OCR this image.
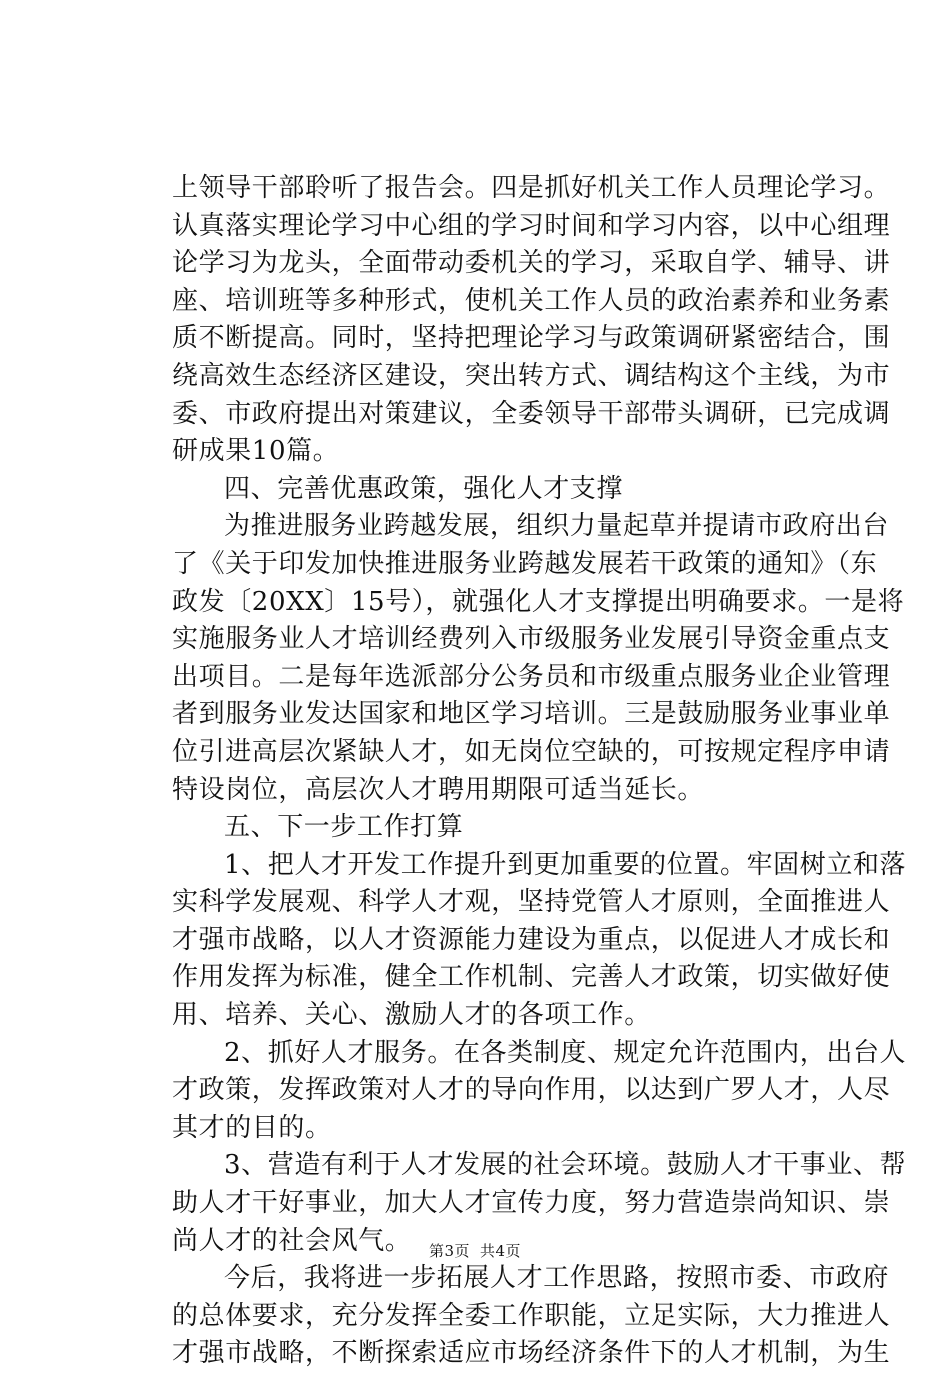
上领导干部聆听了报告会。四是抓好机关工作人员理论学习。
认真落实理论学习中心组的学习时间和学习内容，以中心组理
论学习为龙头，全面带动委机关的学习，采取自学、辅导、讲
座、培训班等多种形式，使机关工作人员的政治素养和业务素
质不断提高。同时，坚持把理论学习与政策调研紧密结合，围
绕高效生态经济区建设，突出转方式、调结构这个主线，为市
委、市政府提出对策建议，全委领导干部带头调研，已完成调
研成果10篇。
四、完善优惠政策，强化人才支撑
为推进服务业跨越发展，组织力量起草并提请市政府出台
了《关于印发加快推进服务业跨越发展若干政策的通知》（东
政发〔20XX〕15号），就强化人才支撑提出明确要求。一是将
实施服务业人才培训经费列入市级服务业发展引导资金重点支
出项目。二是每年选派部分公务员和市级重点服务业企业管理
者到服务业发达国家和地区学习培训。三是鼓励服务业事业单
位引进高层次紧缺人才，如无岗位空缺的，可按规定程序申请
特设岗位，高层次人才聘用期限可适当延长。
五、下一步工作打算
1、把人才开发工作提升到更加重要的位置。牢固树立和落
实科学发展观、科学人才观，坚持党管人才原则，全面推进人
才强市战略，以人才资源能力建设为重点，以促进人才成长和
作用发挥为标准，健全工作机制、完善人才政策，切实做好使
用、培养、关心、激励人才的各项工作。
2、抓好人才服务。在各类制度、规定允许范围内，出台人
才政策，发挥政策对人才的导向作用，以达到广罗人才，人尽
其才的目的。
3、营造有利于人才发展的社会环境。鼓励人才干事业、帮
助人才干好事业，加大人才宣传力度，努力营造崇尚知识、崇
尚人才的社会风气。
今后，我将进一步拓展人才工作思路，按照市委、市政府
的总体要求，充分发挥全委工作职能，立足实际，大力推进人
才强市战略，不断探索适应市场经济条件下的人才机制，为生
第3页 共4页
